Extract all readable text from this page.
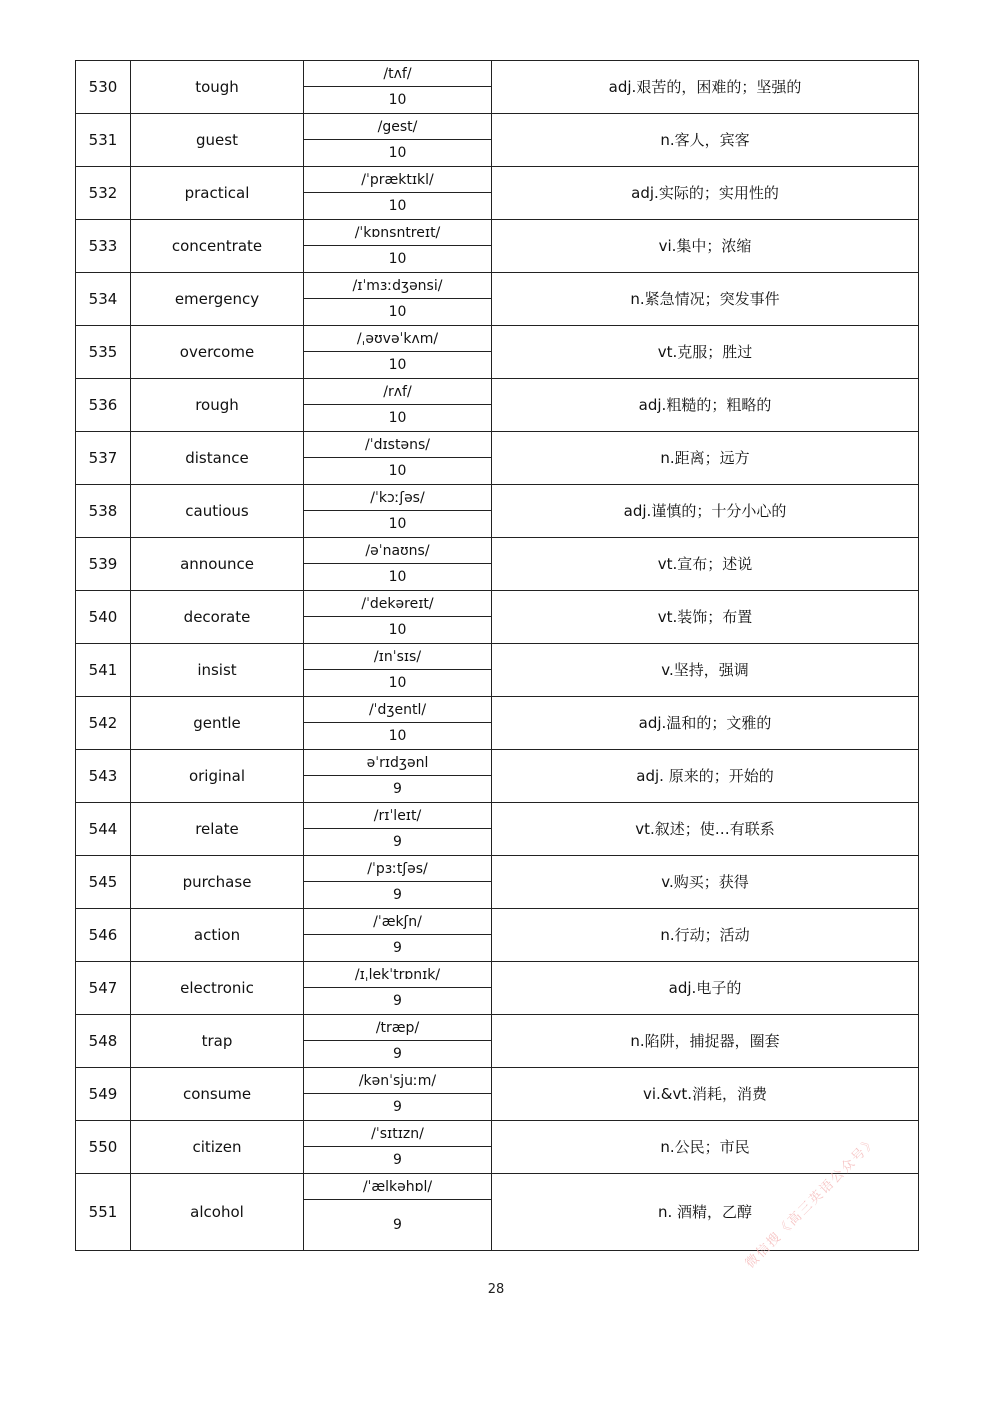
530	tough	/tʌf/	adj.艰苦的，困难的；坚强的
		10	
531	guest	/gest/	n.客人，宾客
		10	
532	practical	/ˈpræktɪkl/	adj.实际的；实用性的
		10	
533	concentrate	/ˈkɒnsntreɪt/	vi.集中；浓缩
		10	
534	emergency	/ɪˈmɜːdʒənsi/	n.紧急情况；突发事件
		10	
535	overcome	/ˌəʊvəˈkʌm/	vt.克服；胜过
		10	
536	rough	/rʌf/	adj.粗糙的；粗略的
		10	
537	distance	/ˈdɪstəns/	n.距离；远方
		10	
538	cautious	/ˈkɔːʃəs/	adj.谨慎的；十分小心的
		10	
539	announce	/əˈnaʊns/	vt.宣布；述说
		10	
540	decorate	/ˈdekəreɪt/	vt.装饰；布置
		10	
541	insist	/ɪnˈsɪs/	v.坚持，强调
		10	
542	gentle	/ˈdʒentl/	adj.温和的；文雅的
		10	
543	original	əˈrɪdʒənl	adj. 原来的；开始的
		9	
544	relate	/rɪˈleɪt/	vt.叙述；使…有联系
		9	
545	purchase	/ˈpɜːtʃəs/	v.购买；获得
		9	
546	action	/ˈækʃn/	n.行动；活动
		9	
547	electronic	/ɪˌlekˈtrɒnɪk/	adj.电子的
		9	
548	trap	/træp/	n.陷阱，捕捉器，圈套
		9	
549	consume	/kənˈsjuːm/	vi.&vt.消耗，消费
		9	
550	citizen	/ˈsɪtɪzn/	n.公民；市民
		9	
551	alcohol	/ˈælkəhɒl/	n. 酒精，乙醇
		9	
28
微信搜《高三英语公众号》
